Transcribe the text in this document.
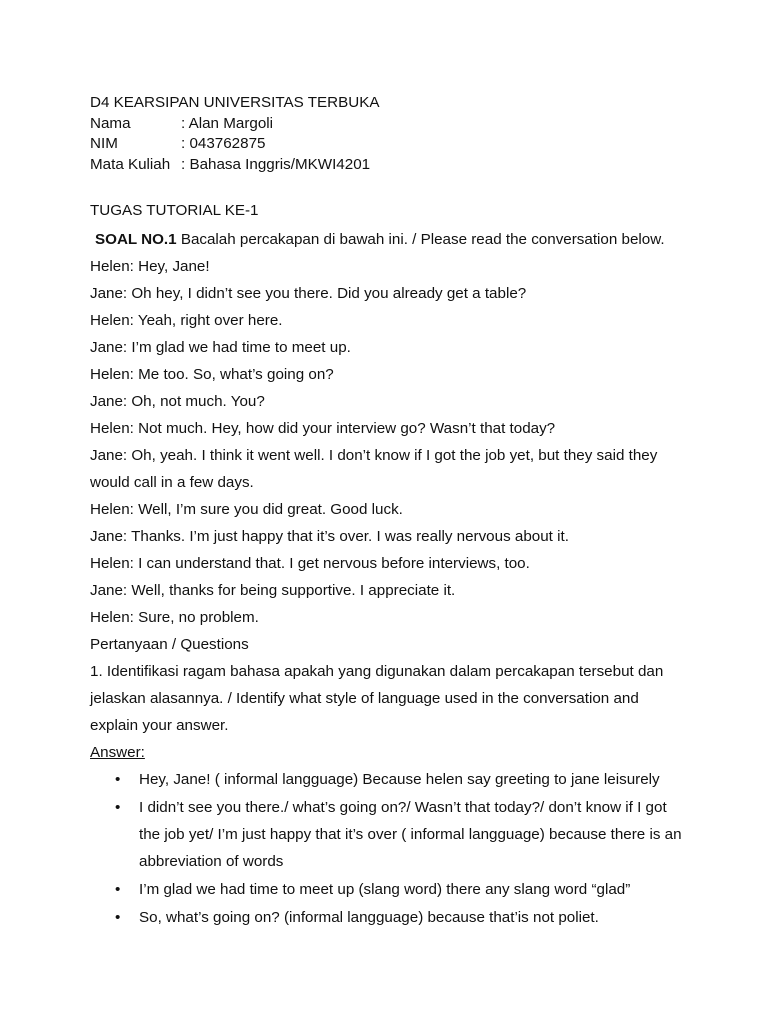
D4 KEARSIPAN UNIVERSITAS TERBUKA
Nama	: Alan Margoli
NIM	: 043762875
Mata Kuliah : Bahasa Inggris/MKWI4201
TUGAS TUTORIAL KE-1

SOAL NO.1 Bacalah percakapan di bawah ini. / Please read the conversation below.

Helen: Hey, Jane!

Jane: Oh hey, I didn’t see you there. Did you already get a table?

Helen: Yeah, right over here.

Jane: I’m glad we had time to meet up.

Helen: Me too. So, what’s going on?

Jane: Oh, not much. You?

Helen: Not much. Hey, how did your interview go? Wasn’t that today?

Jane: Oh, yeah. I think it went well. I don’t know if I got the job yet, but they said they would call in a few days.

Helen: Well, I’m sure you did great. Good luck.

Jane: Thanks. I’m just happy that it’s over. I was really nervous about it.

Helen: I can understand that. I get nervous before interviews, too.

Jane: Well, thanks for being supportive. I appreciate it.

Helen: Sure, no problem.

Pertanyaan / Questions

1. Identifikasi ragam bahasa apakah yang digunakan dalam percakapan tersebut dan jelaskan alasannya. / Identify what style of language used in the conversation and explain your answer.

Answer:

• Hey, Jane! ( informal langguage) Because helen say greeting to jane leisurely
• I didn’t see you there./ what’s going on?/ Wasn’t that today?/ don’t know if I got the job yet/ I’m just happy that it’s over ( informal langguage) because there is an abbreviation of words
• I’m glad we had time to meet up (slang word) there any slang word “glad”
• So, what’s going on? (informal langguage) because that’is not poliet.
